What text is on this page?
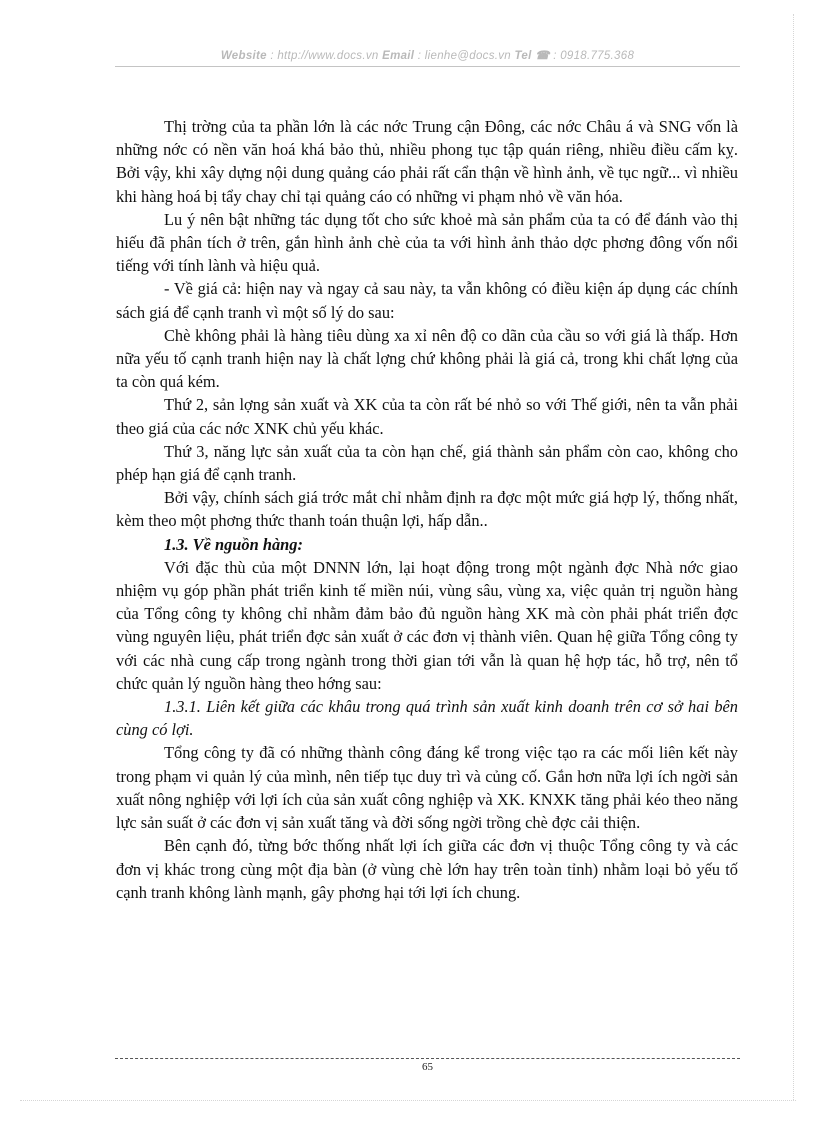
Website : http://www.docs.vn Email : lienhe@docs.vn Tel ☎ : 0918.775.368

Thị trờng của ta phần lớn là các nớc Trung cận Đông, các nớc Châu á và SNG vốn là những nớc có nền văn hoá khá bảo thủ, nhiều phong tục tập quán riêng, nhiều điều cấm kỵ. Bởi vậy, khi xây dựng nội dung quảng cáo phải rất cẩn thận về hình ảnh, về tục ngữ... vì nhiều khi hàng hoá bị tẩy chay chỉ tại quảng cáo có những vi phạm nhỏ về văn hóa.

Lu ý nên bật những tác dụng tốt cho sức khoẻ mà sản phẩm của ta có để đánh vào thị hiếu đã phân tích ở trên, gắn hình ảnh chè của ta với hình ảnh thảo dợc phơng đông vốn nổi tiếng với tính lành và hiệu quả.

- Về giá cả: hiện nay và ngay cả sau này, ta vẫn không có điều kiện áp dụng các chính sách giá để cạnh tranh vì một số lý do sau:

Chè không phải là hàng tiêu dùng xa xỉ nên độ co dãn của cầu so với giá là thấp. Hơn nữa yếu tố cạnh tranh hiện nay là chất lợng chứ không phải là giá cả, trong khi chất lợng của ta còn quá kém.

Thứ 2, sản lợng sản xuất và XK của ta còn rất bé nhỏ so với Thế giới, nên ta vẫn phải theo giá của các nớc XNK chủ yếu khác.

Thứ 3, năng lực sản xuất của ta còn hạn chế, giá thành sản phẩm còn cao, không cho phép hạn giá để cạnh tranh.

Bởi vậy, chính sách giá trớc mắt chỉ nhằm định ra đợc một mức giá hợp lý, thống nhất, kèm theo một phơng thức thanh toán thuận lợi, hấp dẫn..

1.3. Về nguồn hàng:

Với đặc thù của một DNNN lớn, lại hoạt động trong một ngành đợc Nhà nớc giao nhiệm vụ góp phần phát triển kinh tế miền núi, vùng sâu, vùng xa, việc quản trị nguồn hàng của Tổng công ty không chỉ nhằm đảm bảo đủ nguồn hàng XK mà còn phải phát triển đợc vùng nguyên liệu, phát triển đợc sản xuất ở các đơn vị thành viên. Quan hệ giữa Tổng công ty với các nhà cung cấp trong ngành trong thời gian tới vẫn là quan hệ hợp tác, hỗ trợ, nên tổ chức quản lý nguồn hàng theo hớng sau:

1.3.1. Liên kết giữa các khâu trong quá trình sản xuất kinh doanh trên cơ sở hai bên cùng có lợi.

Tổng công ty đã có những thành công đáng kể trong việc tạo ra các mối liên kết này trong phạm vi quản lý của mình, nên tiếp tục duy trì và củng cố. Gắn hơn nữa lợi ích ngời sản xuất nông nghiệp với lợi ích của sản xuất công nghiệp và XK. KNXK tăng phải kéo theo năng lực sản suất ở các đơn vị sản xuất tăng và đời sống ngời trồng chè đợc cải thiện.

Bên cạnh đó, từng bớc thống nhất lợi ích giữa các đơn vị thuộc Tổng công ty và các đơn vị khác trong cùng một địa bàn (ở vùng chè lớn hay trên toàn tỉnh) nhằm loại bỏ yếu tố cạnh tranh không lành mạnh, gây phơng hại tới lợi ích chung.

65
